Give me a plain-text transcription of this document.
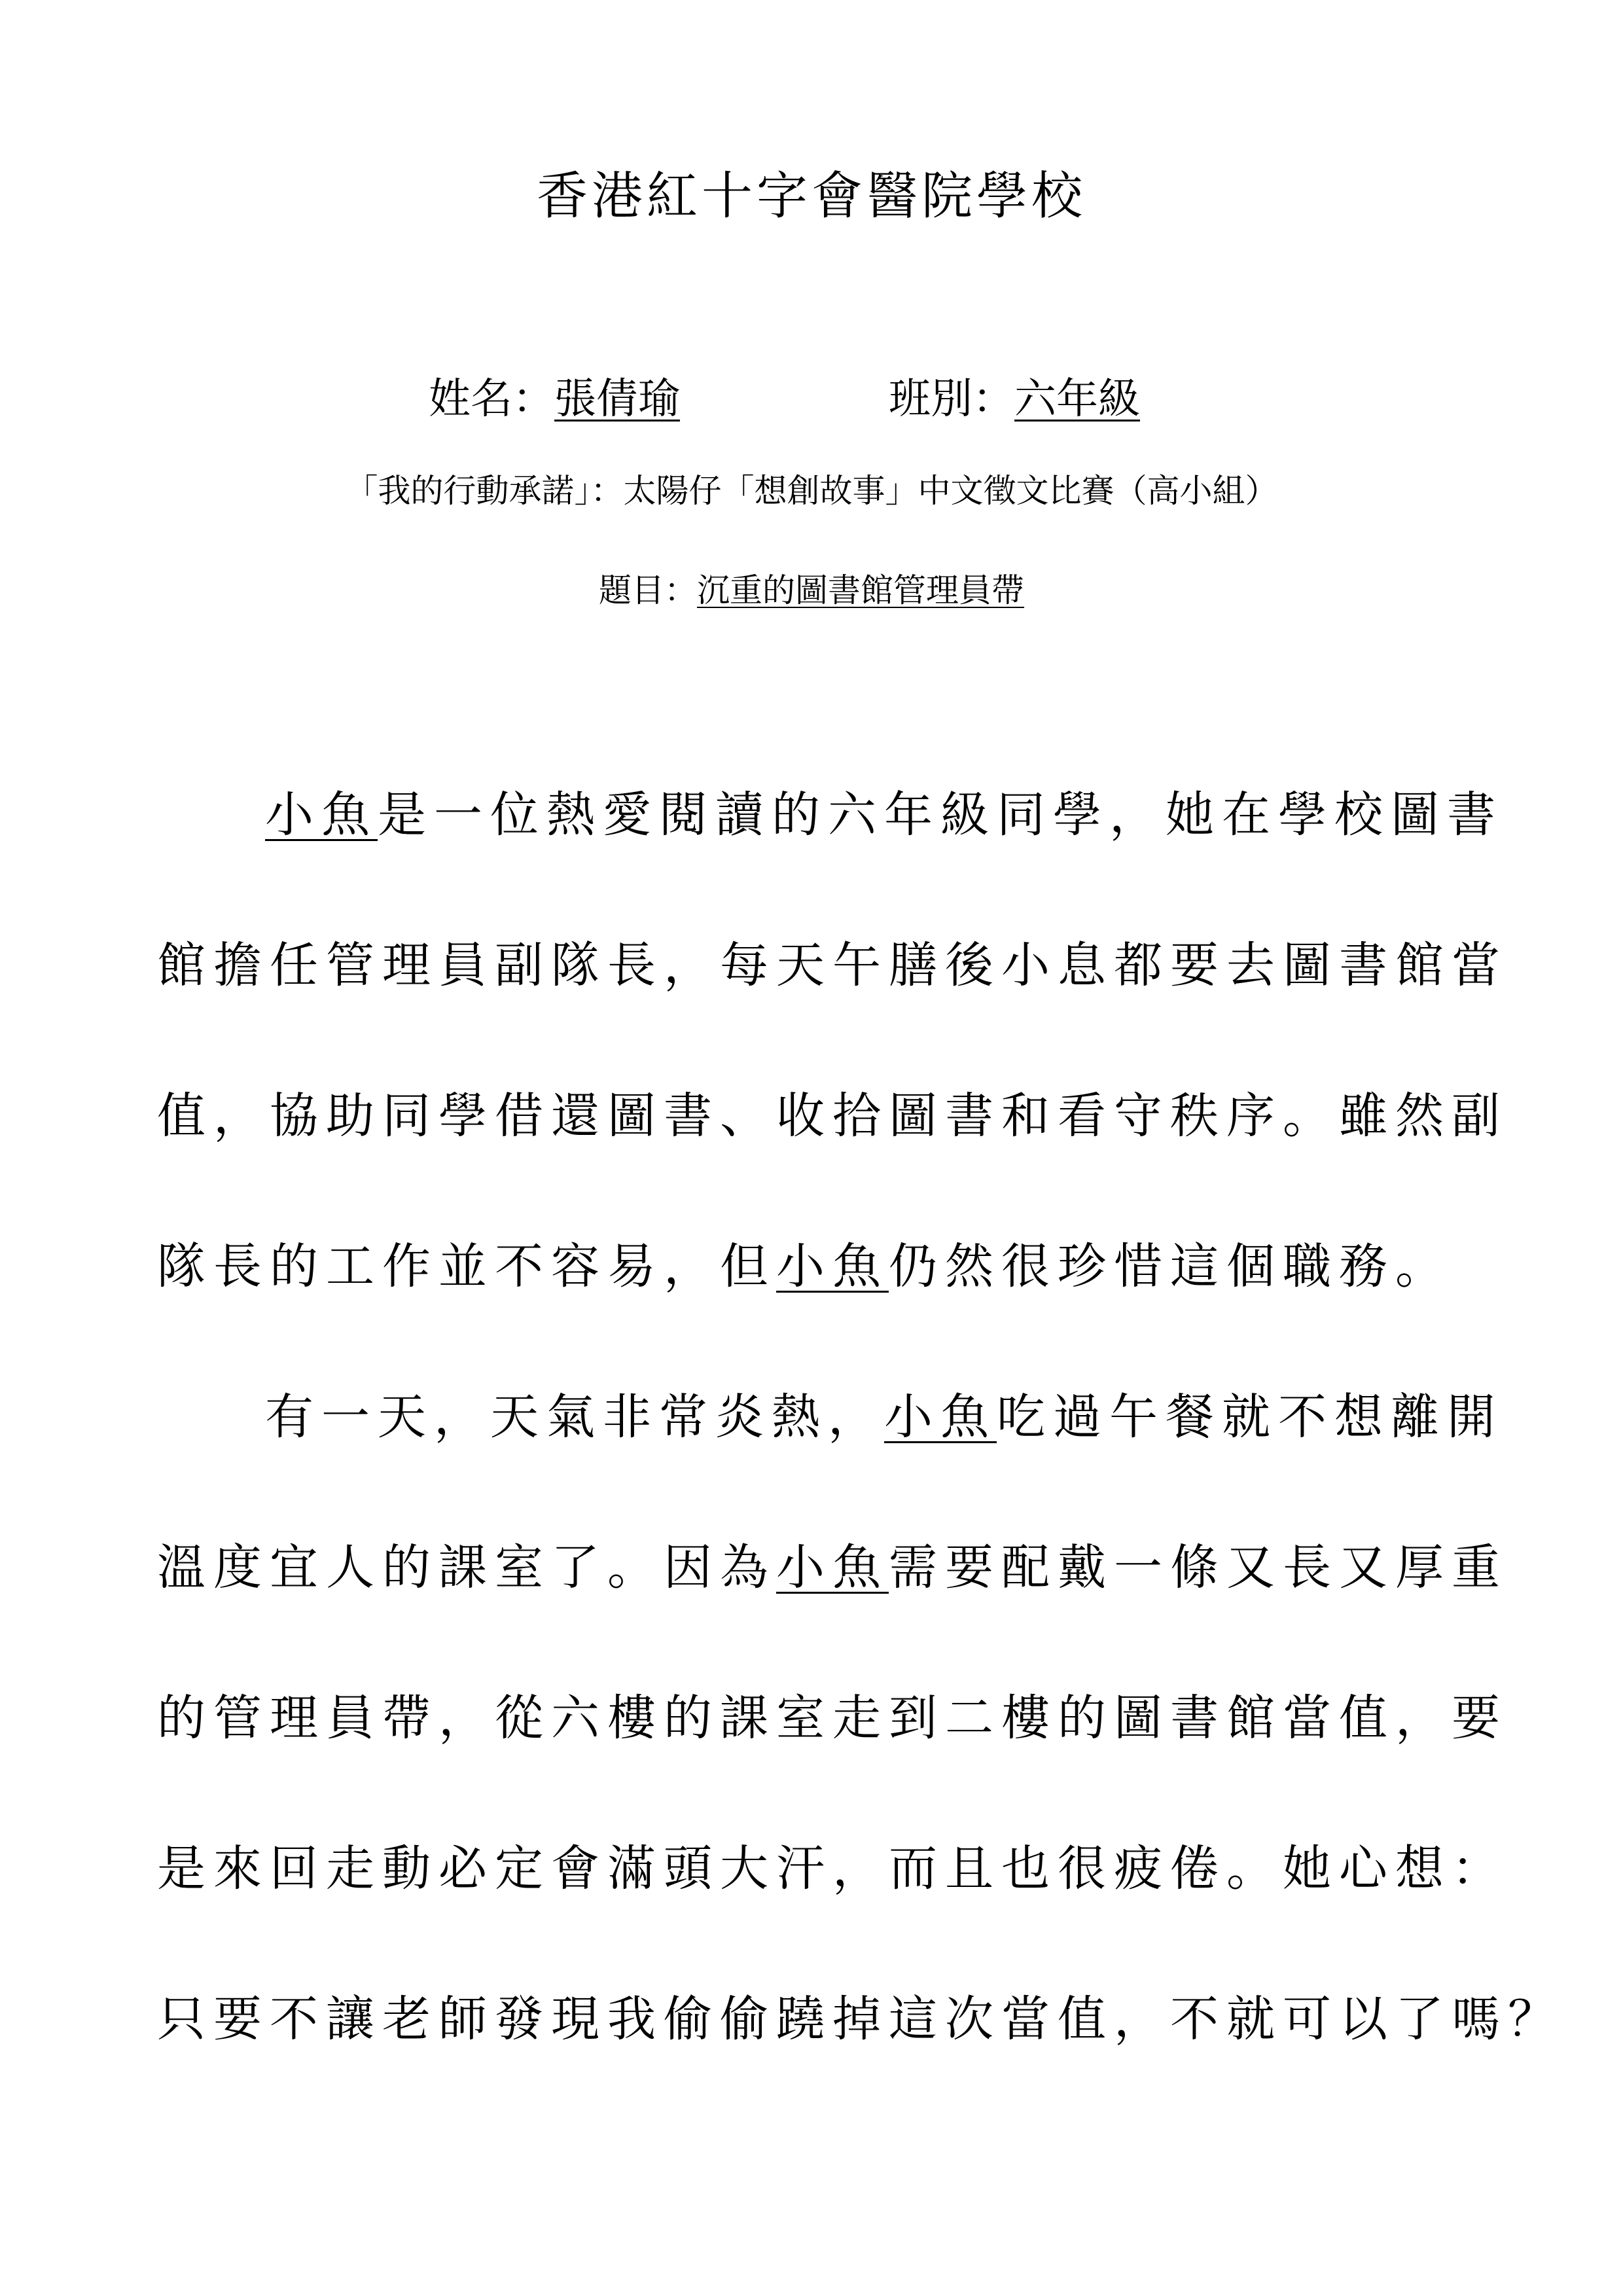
香港紅十字會醫院學校
姓名：張倩瑜	班別：六年級
「我的行動承諾」：太陽仔「想創故事」中文徵文比賽（高小組）
題目：沉重的圖書館管理員帶
小魚是一位熱愛閱讀的六年級同學，她在學校圖書
館擔任管理員副隊長，每天午膳後小息都要去圖書館當
值，協助同學借還圖書、收拾圖書和看守秩序。雖然副
隊長的工作並不容易，但小魚仍然很珍惜這個職務。
有一天，天氣非常炎熱，小魚吃過午餐就不想離開
溫度宜人的課室了。因為小魚需要配戴一條又長又厚重
的管理員帶，從六樓的課室走到二樓的圖書館當值，要
是來回走動必定會滿頭大汗，而且也很疲倦。她心想：
只要不讓老師發現我偷偷蹺掉這次當值，不就可以了嗎？
